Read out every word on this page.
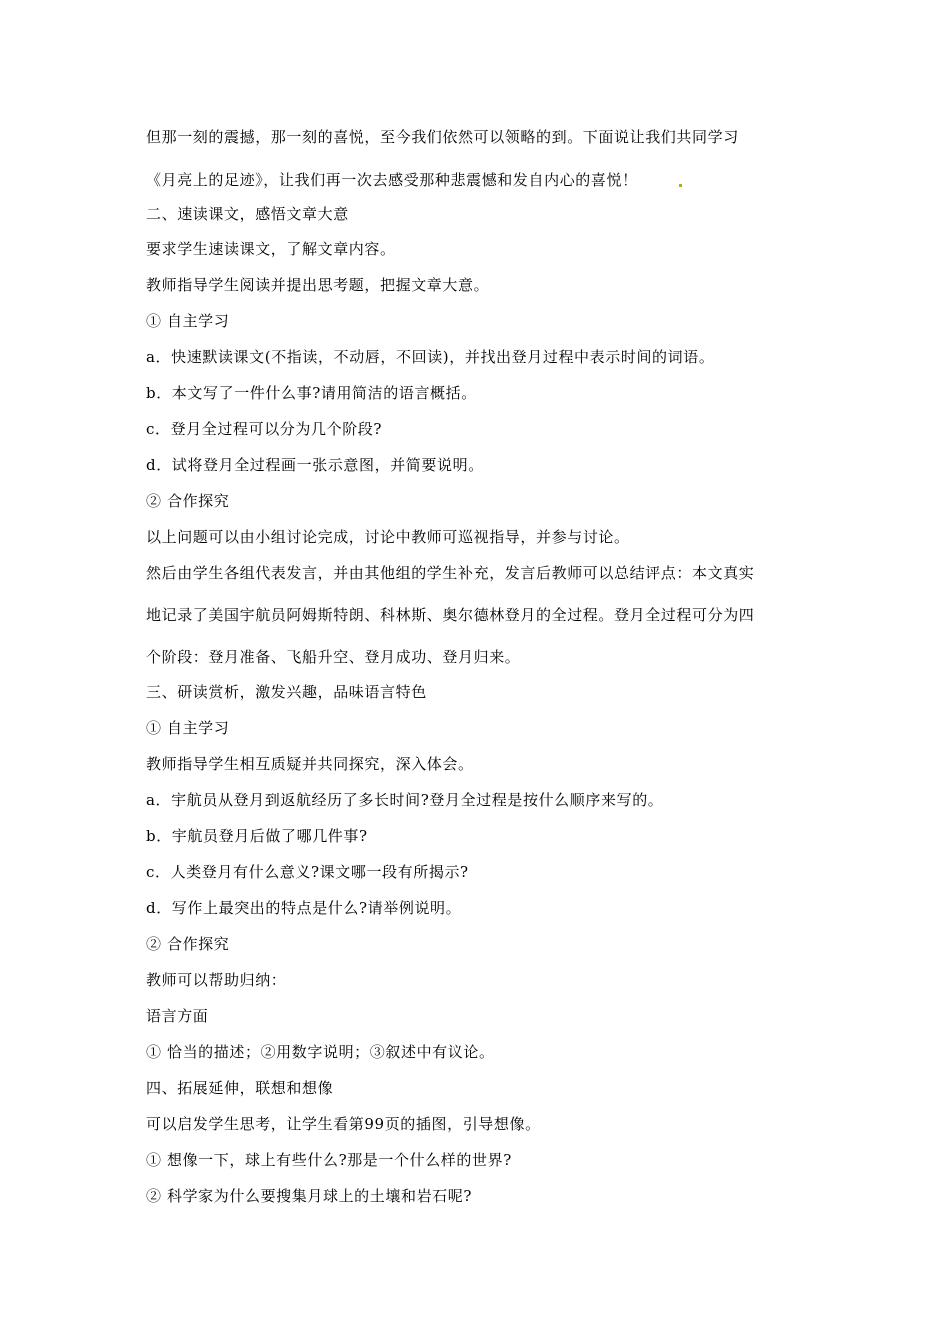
但那一刻的震撼，那一刻的喜悦，至今我们依然可以领略的到。下面说让我们共同学习
《月亮上的足迹》，让我们再一次去感受那种悲震憾和发自内心的喜悦！
二、速读课文，感悟文章大意
要求学生速读课文，了解文章内容。
教师指导学生阅读并提出思考题，把握文章大意。
① 自主学习
a．快速默读课文(不指读，不动唇，不回读)，并找出登月过程中表示时间的词语。
b．本文写了一件什么事?请用简洁的语言概括。
c．登月全过程可以分为几个阶段?
d．试将登月全过程画一张示意图，并简要说明。
② 合作探究
以上问题可以由小组讨论完成，讨论中教师可巡视指导，并参与讨论。
然后由学生各组代表发言，并由其他组的学生补充，发言后教师可以总结评点：本文真实
地记录了美国宇航员阿姆斯特朗、科林斯、奥尔德林登月的全过程。登月全过程可分为四
个阶段：登月准备、飞船升空、登月成功、登月归来。
三、研读赏析，激发兴趣，品味语言特色
① 自主学习
教师指导学生相互质疑并共同探究，深入体会。
a．宇航员从登月到返航经历了多长时间?登月全过程是按什么顺序来写的。
b．宇航员登月后做了哪几件事?
c．人类登月有什么意义?课文哪一段有所揭示?
d．写作上最突出的特点是什么?请举例说明。
② 合作探究
教师可以帮助归纳：
语言方面
① 恰当的描述；②用数字说明；③叙述中有议论。
四、拓展延伸，联想和想像
可以启发学生思考，让学生看第99页的插图，引导想像。
① 想像一下，球上有些什么?那是一个什么样的世界?
② 科学家为什么要搜集月球上的土壤和岩石呢?
